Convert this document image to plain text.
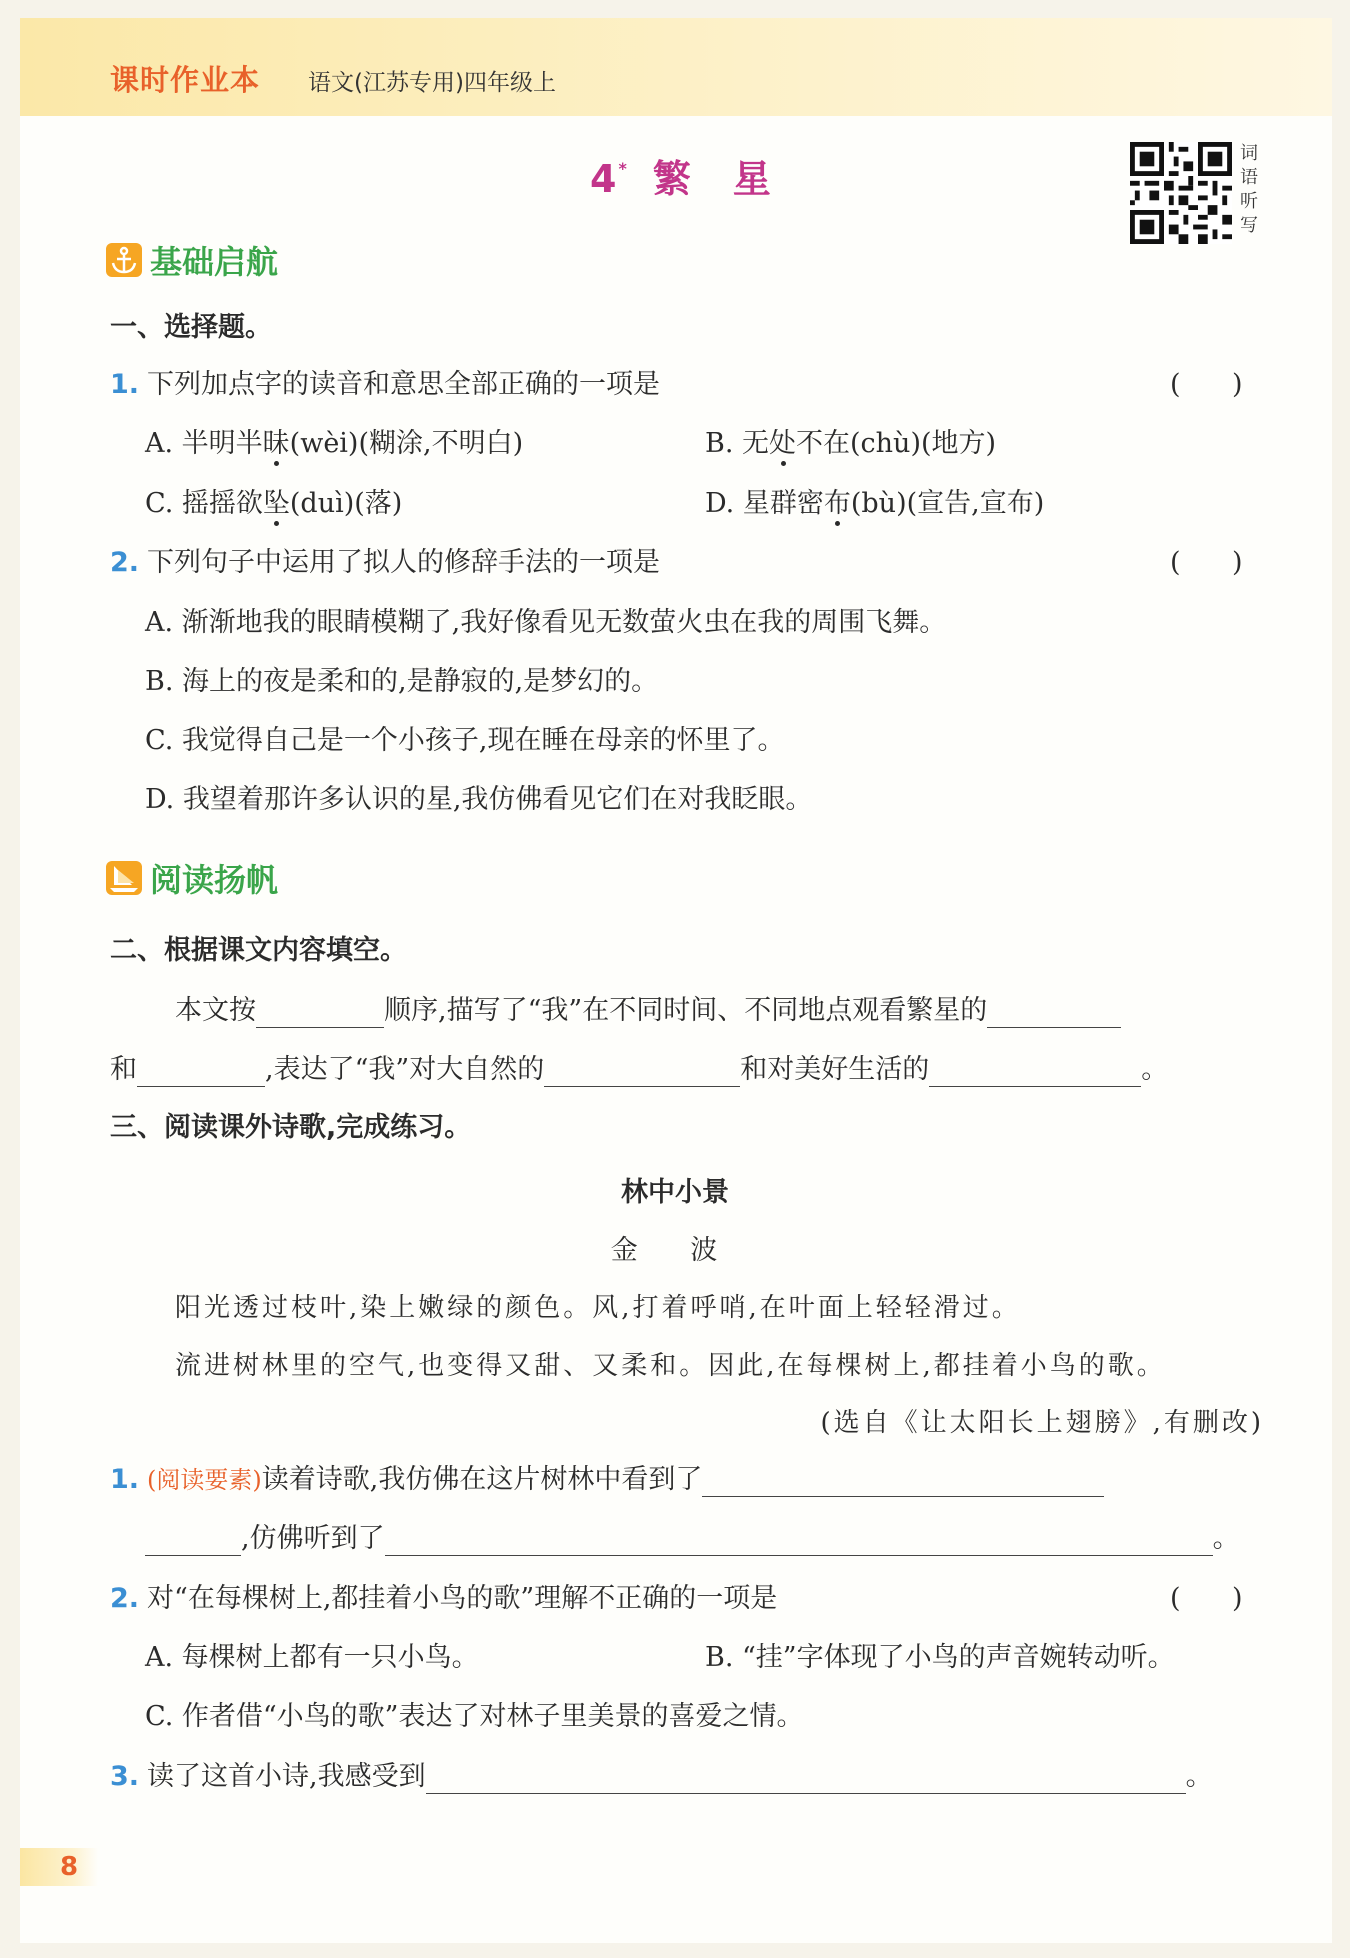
课时作业本 语文(江苏专用)四年级上
4* 繁 星
词语听写
基础启航
一、选择题。
1. 下列加点字的读音和意思全部正确的一项是	(      )
A. 半明半昧(wèi)(糊涂,不明白)	B. 无处不在(chù)(地方)
C. 摇摇欲坠(duì)(落)	D. 星群密布(bù)(宣告,宣布)
2. 下列句子中运用了拟人的修辞手法的一项是	(      )
A. 渐渐地我的眼睛模糊了,我好像看见无数萤火虫在我的周围飞舞。
B. 海上的夜是柔和的,是静寂的,是梦幻的。
C. 我觉得自己是一个小孩子,现在睡在母亲的怀里了。
D. 我望着那许多认识的星,我仿佛看见它们在对我眨眼。
阅读扬帆
二、根据课文内容填空。
本文按	顺序,描写了“我”在不同时间、不同地点观看繁星的
和	,表达了“我”对大自然的	和对美好生活的	。
三、阅读课外诗歌,完成练习。
林中小景
金 波
阳光透过枝叶,染上嫩绿的颜色。风,打着呼哨,在叶面上轻轻滑过。
流进树林里的空气,也变得又甜、又柔和。因此,在每棵树上,都挂着小鸟的歌。
(选自《让太阳长上翅膀》,有删改)
1. (阅读要素)读着诗歌,我仿佛在这片树林中看到了
,仿佛听到了	。
2. 对“在每棵树上,都挂着小鸟的歌”理解不正确的一项是	(      )
A. 每棵树上都有一只小鸟。	B. “挂”字体现了小鸟的声音婉转动听。
C. 作者借“小鸟的歌”表达了对林子里美景的喜爱之情。
3. 读了这首小诗,我感受到	。
8
